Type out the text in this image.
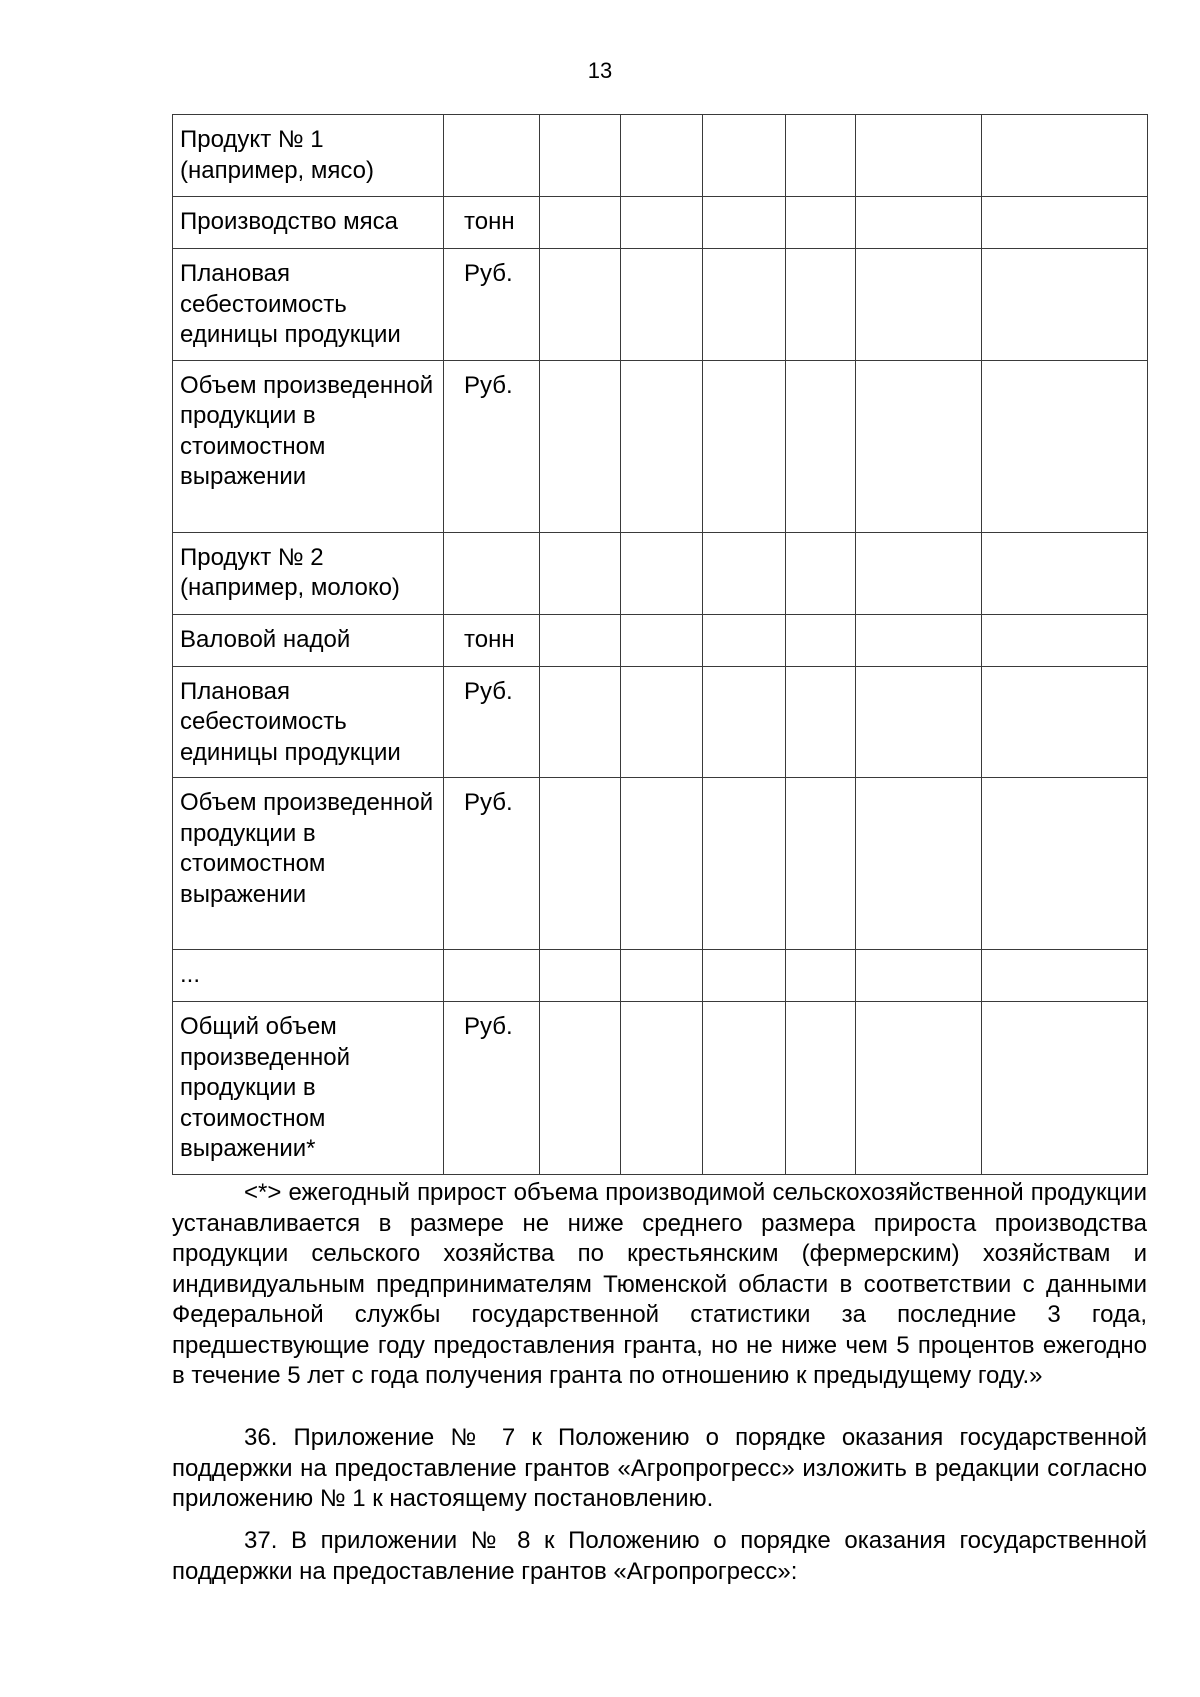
13
Продукт № 1 (например, мясо)							
Производство мяса	тонн						
Плановая себестоимость единицы продукции	Руб.						
Объем произведенной продукции в стоимостном выражении	Руб.						
Продукт № 2 (например, молоко)							
Валовой надой	тонн						
Плановая себестоимость единицы продукции	Руб.						
Объем произведенной продукции в стоимостном выражении	Руб.						
...							
Общий объем произведенной продукции в стоимостном выражении*	Руб.						

<*> ежегодный прирост объема производимой сельскохозяйственной продукции устанавливается в размере не ниже среднего размера прироста производства продукции сельского хозяйства по крестьянским (фермерским) хозяйствам и индивидуальным предпринимателям Тюменской области в соответствии с данными Федеральной службы государственной статистики за последние 3 года, предшествующие году предоставления гранта, но не ниже чем 5 процентов ежегодно в течение 5 лет с года получения гранта по отношению к предыдущему году.»

36. Приложение № 7 к Положению о порядке оказания государственной поддержки на предоставление грантов «Агропрогресс» изложить в редакции согласно приложению № 1 к настоящему постановлению.

37. В приложении № 8 к Положению о порядке оказания государственной поддержки на предоставление грантов «Агропрогресс»:
